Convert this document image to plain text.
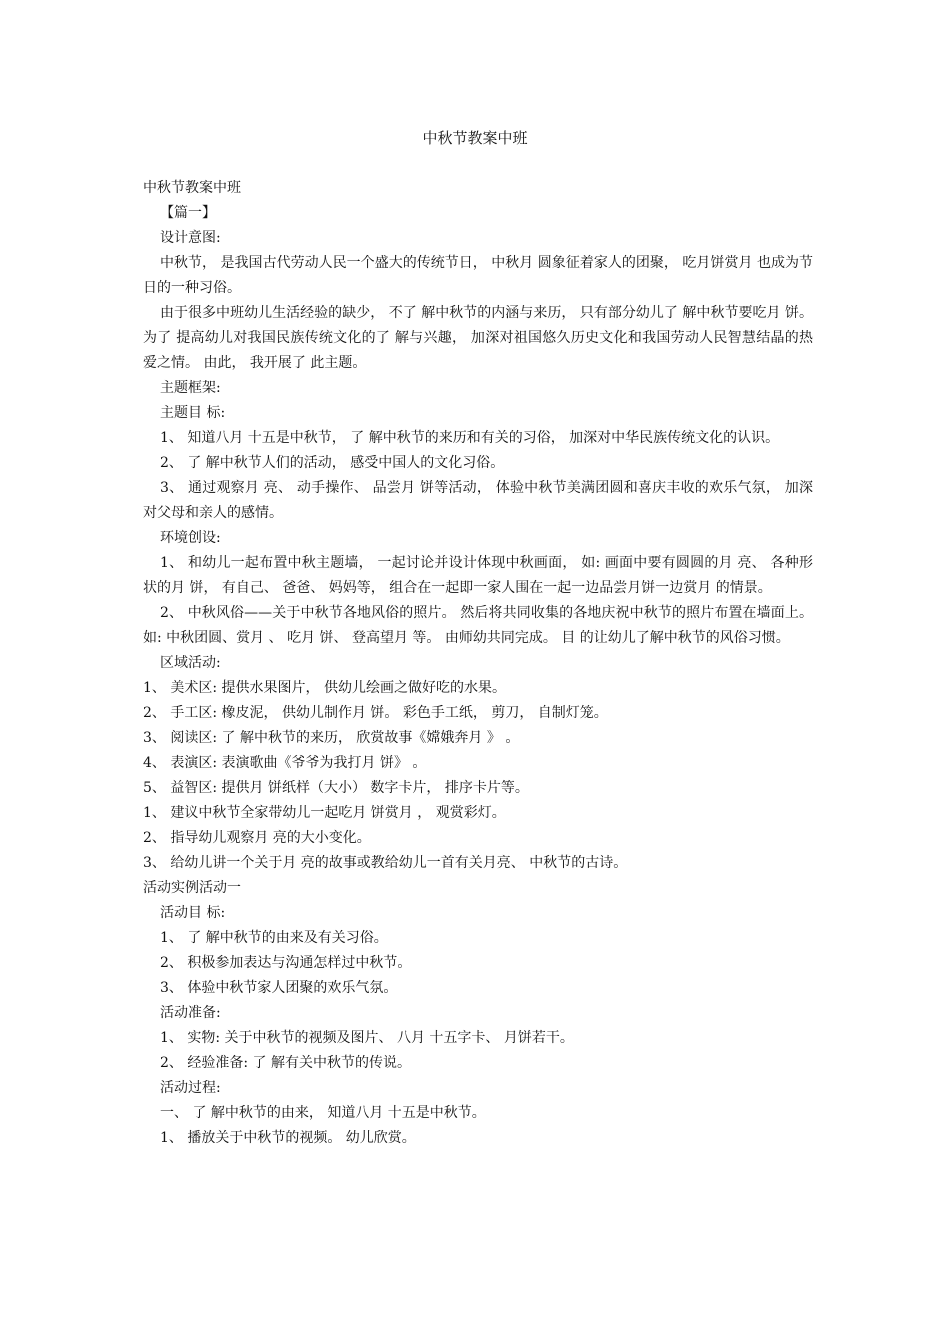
中秋节教案中班

中秋节教案中班

【篇一】

设计意图:

中秋节， 是我国古代劳动人民一个盛大的传统节日， 中秋月 圆象征着家人的团聚， 吃月饼赏月 也成为节日的一种习俗。

由于很多中班幼儿生活经验的缺少， 不了 解中秋节的内涵与来历， 只有部分幼儿了 解中秋节要吃月 饼。 为了 提高幼儿对我国民族传统文化的了 解与兴趣， 加深对祖国悠久历史文化和我国劳动人民智慧结晶的热爱之情。 由此， 我开展了 此主题。

主题框架:

主题目 标:

1、 知道八月 十五是中秋节， 了 解中秋节的来历和有关的习俗， 加深对中华民族传统文化的认识。

2、 了 解中秋节人们的活动， 感受中国人的文化习俗。

3、 通过观察月 亮、 动手操作、 品尝月 饼等活动， 体验中秋节美满团圆和喜庆丰收的欢乐气氛， 加深对父母和亲人的感情。

环境创设:

1、 和幼儿一起布置中秋主题墙， 一起讨论并设计体现中秋画面， 如: 画面中要有圆圆的月 亮、 各种形状的月 饼， 有自己、 爸爸、 妈妈等， 组合在一起即一家人围在一起一边品尝月饼一边赏月 的情景。

2、 中秋风俗——关于中秋节各地风俗的照片。 然后将共同收集的各地庆祝中秋节的照片布置在墙面上。 如: 中秋团圆、赏月 、 吃月 饼、 登高望月 等。 由师幼共同完成。 目 的让幼儿了解中秋节的风俗习惯。

区域活动:

1、 美术区: 提供水果图片， 供幼儿绘画之做好吃的水果。

2、 手工区: 橡皮泥， 供幼儿制作月 饼。 彩色手工纸， 剪刀， 自制灯笼。

3、 阅读区: 了 解中秋节的来历， 欣赏故事《嫦娥奔月 》 。

4、 表演区: 表演歌曲《爷爷为我打月 饼》 。

5、 益智区: 提供月 饼纸样（大小） 数字卡片， 排序卡片等。

1、 建议中秋节全家带幼儿一起吃月 饼赏月 ， 观赏彩灯。

2、 指导幼儿观察月 亮的大小变化。

3、 给幼儿讲一个关于月 亮的故事或教给幼儿一首有关月亮、 中秋节的古诗。

活动实例活动一

活动目 标:

1、 了 解中秋节的由来及有关习俗。

2、 积极参加表达与沟通怎样过中秋节。

3、 体验中秋节家人团聚的欢乐气氛。

活动准备:

1、 实物: 关于中秋节的视频及图片、 八月 十五字卡、 月饼若干。

2、 经验准备: 了 解有关中秋节的传说。

活动过程:

一、 了 解中秋节的由来， 知道八月 十五是中秋节。

1、 播放关于中秋节的视频。 幼儿欣赏。
